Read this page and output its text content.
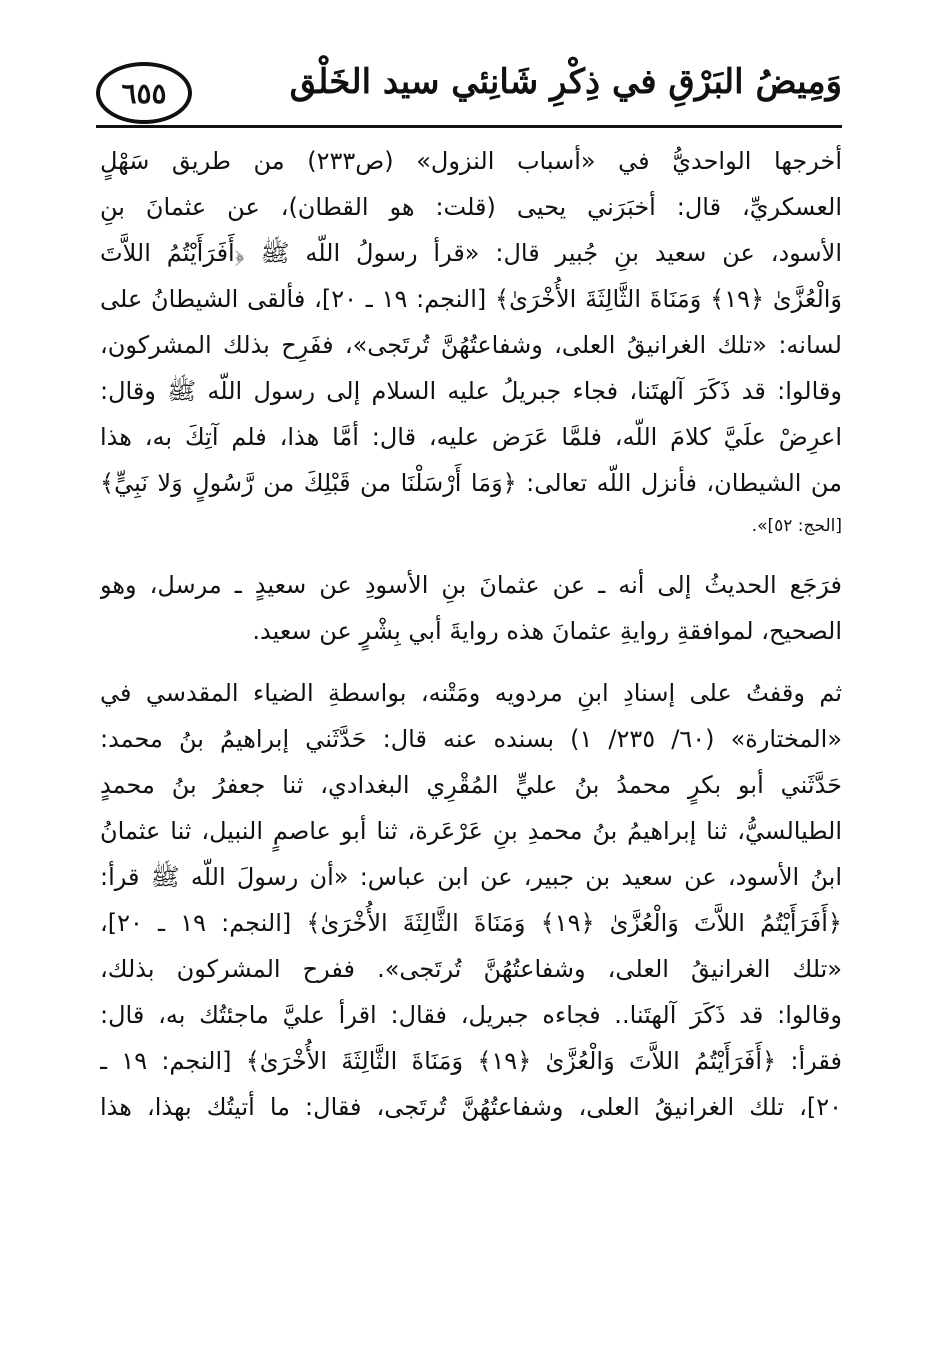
٦٥٥	وَمِيضُ البَرْقِ في ذِكْرِ شَانِئي سيد الخَلْق
أخرجها الواحديُّ في «أسباب النزول» (ص٢٣٣) من طريق سَهْلٍ
العسكريِّ، قال: أخبَرَني يحيى (قلت: هو القطان)، عن عثمانَ بنِ
الأسود، عن سعيد بنِ جُبير قال: «قرأ رسولُ اللّه ﷺ ﴿أَفَرَأَيْتُمُ اللاَّتَ
وَالْعُزَّىٰ ﴿١٩﴾ وَمَنَاةَ الثَّالِثَةَ الأُخْرَىٰ﴾ [النجم: ١٩ ـ ٢٠]، فألقى الشيطانُ على
لسانه: «تلك الغرانيقُ العلى، وشفاعتُهُنَّ تُرتَجى»، ففَرِح بذلك المشركون،
وقالوا: قد ذَكَرَ آلهتَنا، فجاء جبريلُ عليه السلام إلى رسول اللّه ﷺ وقال:
اعرِضْ علَيَّ كلامَ اللّه، فلمَّا عَرَض عليه، قال: أمَّا هذا، فلم آتِكَ به، هذا
من الشيطان، فأنزل اللّه تعالى: ﴿وَمَا أَرْسَلْنَا من قَبْلِكَ من رَّسُولٍ وَلا نَبِيٍّ﴾
[الحج: ٥٢]».
فرَجَع الحديثُ إلى أنه ـ عن عثمانَ بنِ الأسودِ عن سعيدٍ ـ مرسل، وهو
الصحيح، لموافقةِ روايةِ عثمانَ هذه روايةَ أبي بِشْرٍ عن سعيد.
ثم وقفتُ على إسنادِ ابنِ مردويه ومَتْنه، بواسطةِ الضياء المقدسي في
«المختارة» (٦٠/ ٢٣٥/ ١) بسنده عنه قال: حَدَّثَني إبراهيمُ بنُ محمد:
حَدَّثَني أبو بكرٍ محمدُ بنُ عليٍّ المُقْرِي البغدادي، ثنا جعفرُ بنُ محمدٍ
الطيالسيُّ، ثنا إبراهيمُ بنُ محمدِ بنِ عَرْعَرة، ثنا أبو عاصمٍ النبيل، ثنا عثمانُ
ابنُ الأسود، عن سعيد بن جبير، عن ابن عباس: «أن رسولَ اللّه ﷺ قرأ:
﴿أَفَرَأَيْتُمُ اللاَّتَ وَالْعُزَّىٰ ﴿١٩﴾ وَمَنَاةَ الثَّالِثَةَ الأُخْرَىٰ﴾ [النجم: ١٩ ـ ٢٠]،
«تلك الغرانيقُ العلى، وشفاعتُهُنَّ تُرتَجى». ففرح المشركون بذلك،
وقالوا: قد ذَكَرَ آلهتَنا.. فجاءه جبريل، فقال: اقرأ عليَّ ماجئتُك به، قال:
فقرأ: ﴿أَفَرَأَيْتُمُ اللاَّتَ وَالْعُزَّىٰ ﴿١٩﴾ وَمَنَاةَ الثَّالِثَةَ الأُخْرَىٰ﴾ [النجم: ١٩ ـ
٢٠]، تلك الغرانيقُ العلى، وشفاعتُهُنَّ تُرتَجى، فقال: ما أتيتُك بهذا، هذا
